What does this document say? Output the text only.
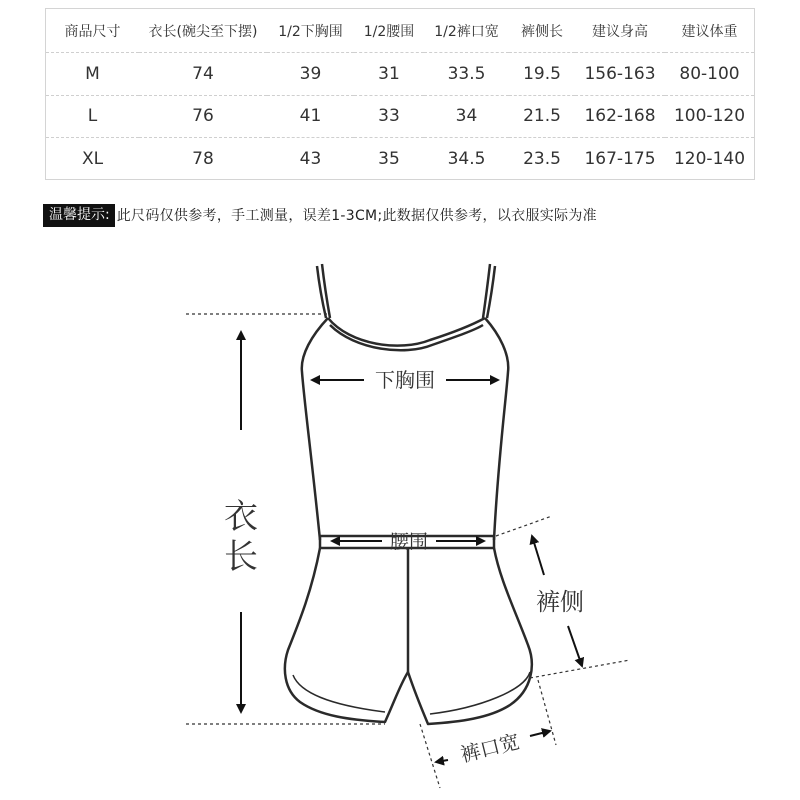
商品尺寸	衣长(碗尖至下摆)	1/2下胸围	1/2腰围	1/2裤口宽	裤侧长	建议身高	建议体重
M	74	39	31	33.5	19.5	156-163	80-100
L	76	41	33	34	21.5	162-168	100-120
XL	78	43	35	34.5	23.5	167-175	120-140
温馨提示: 此尺码仅供参考，手工测量，误差1-3CM;此数据仅供参考，以衣服实际为准
衣
长
下胸围
腰围
裤侧
裤口宽
